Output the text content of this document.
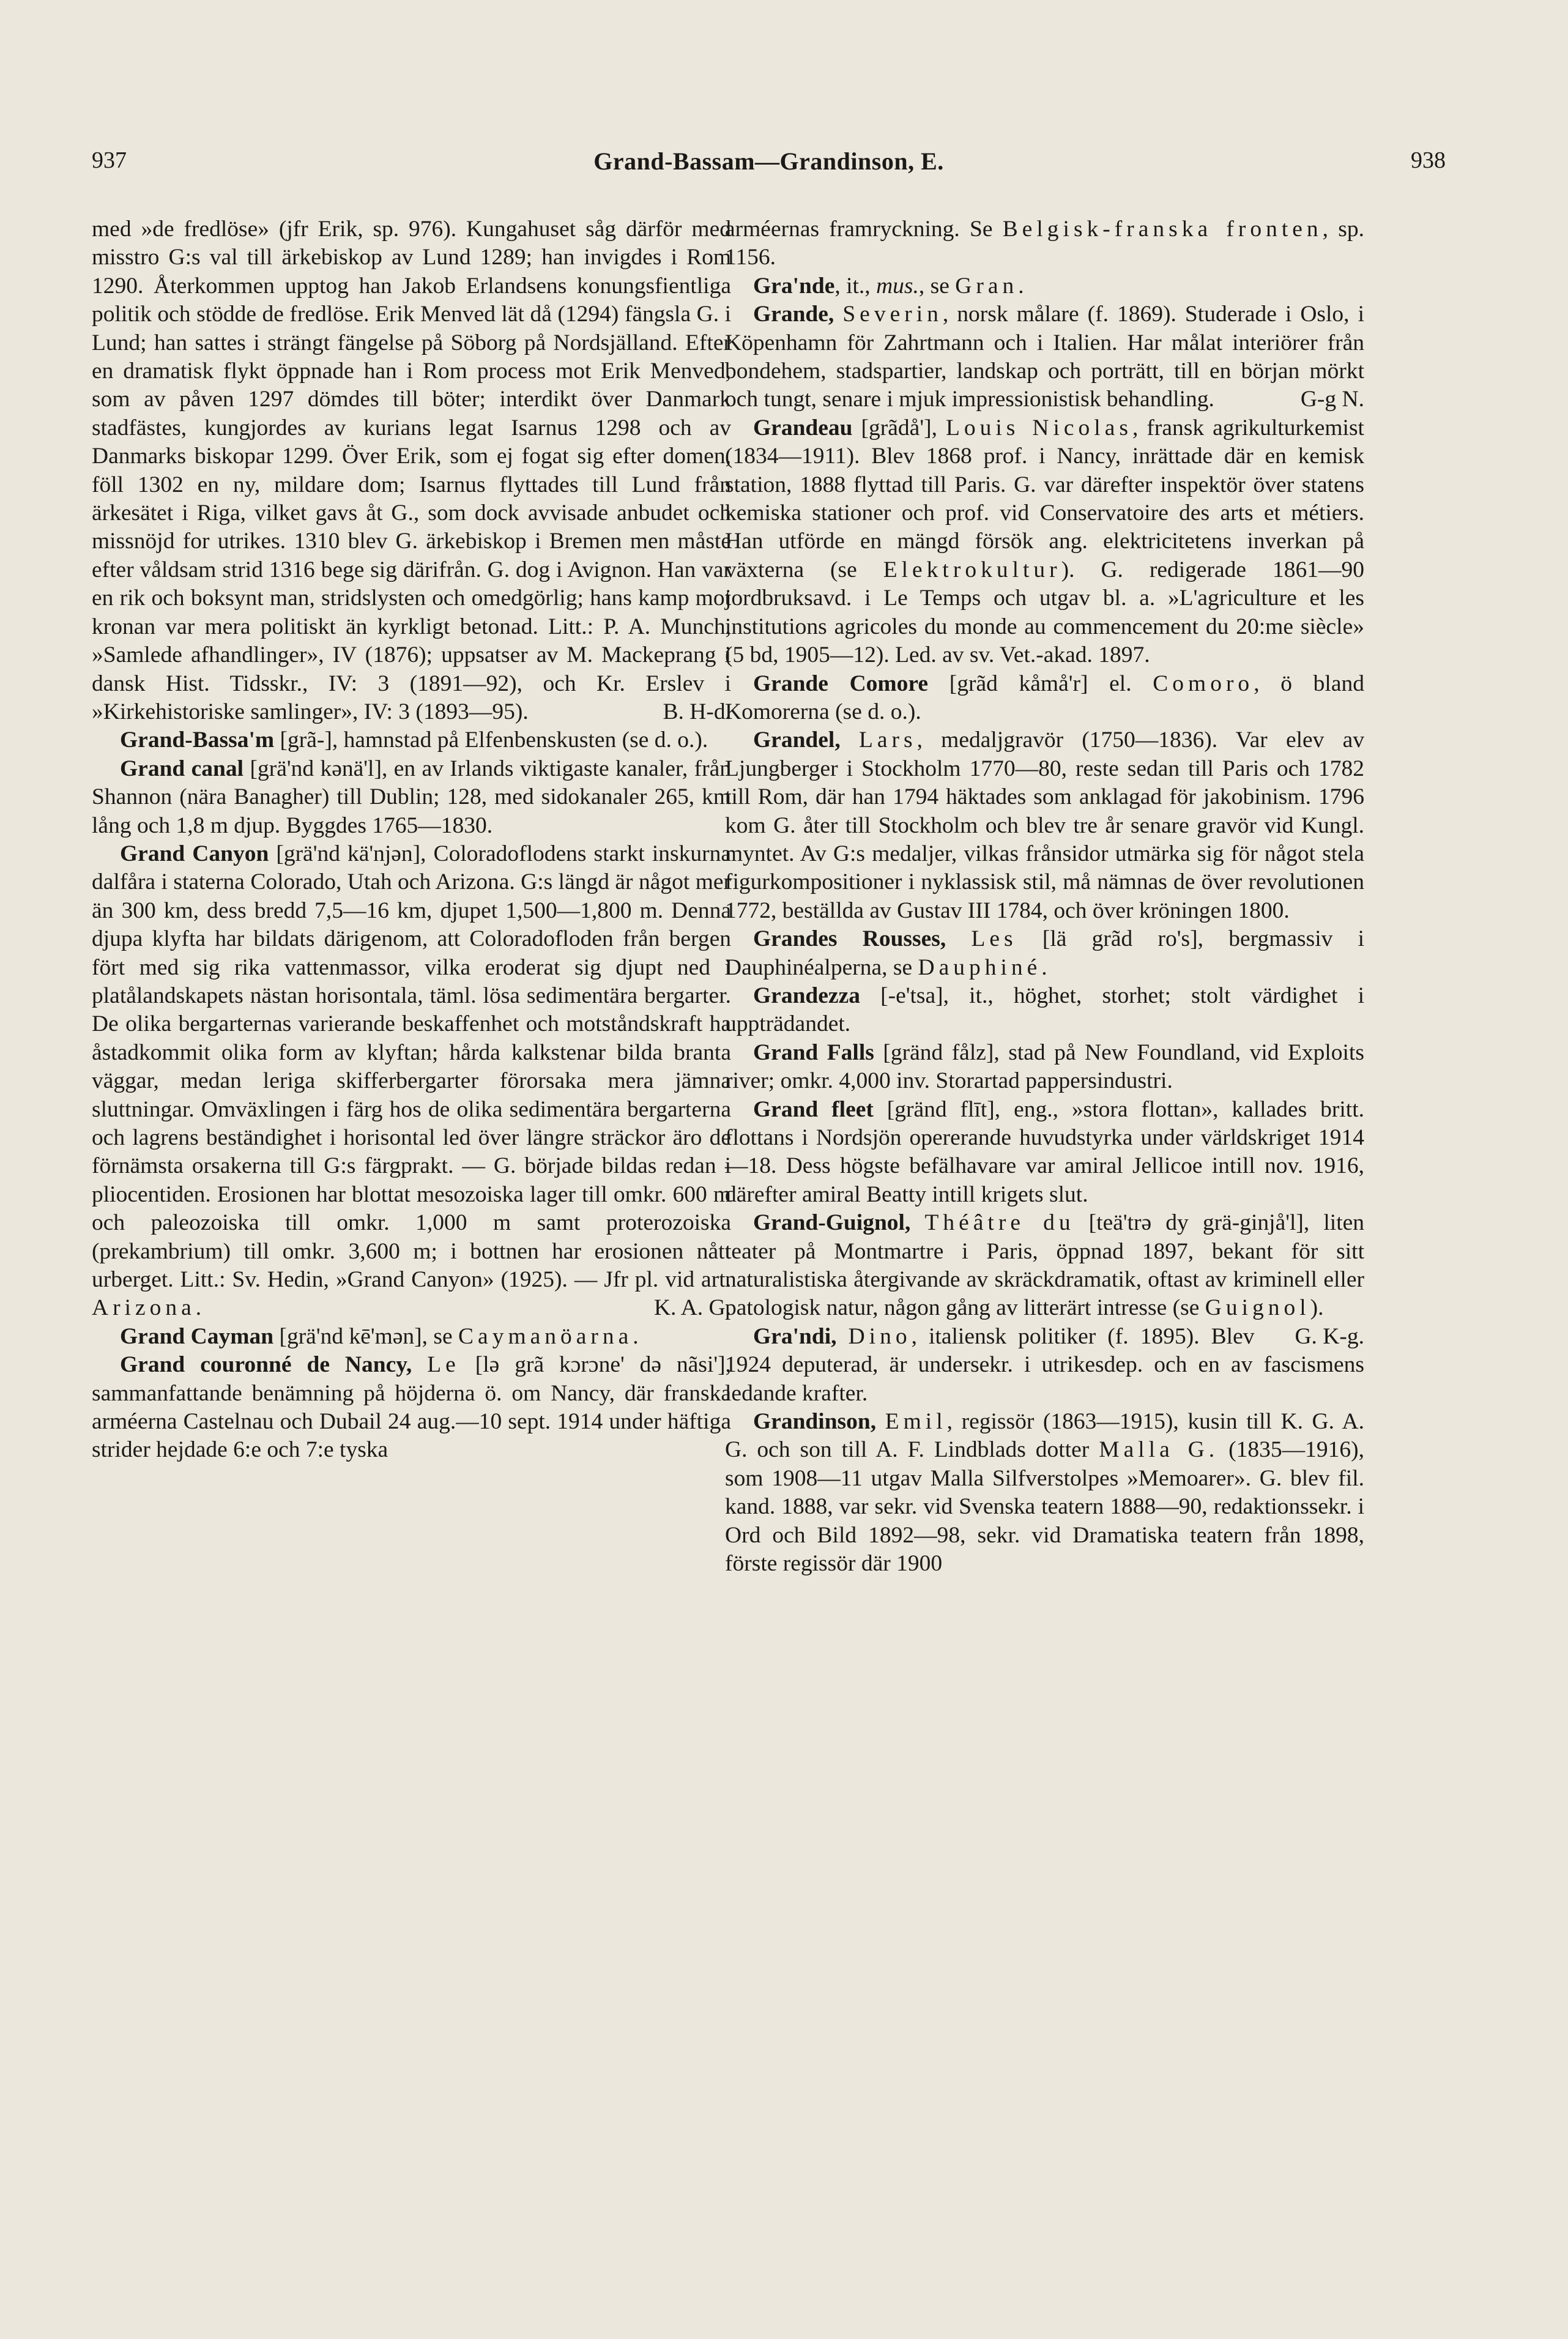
937	Grand-Bassam—Grandinson, E.	938

med »de fredlöse» (jfr Erik, sp. 976). Kungahuset såg därför med misstro G:s val till ärkebiskop av Lund 1289; han invigdes i Rom 1290. Återkommen upptog han Jakob Erlandsens konungsfientliga politik och stödde de fredlöse. Erik Menved lät då (1294) fängsla G. i Lund; han sattes i strängt fängelse på Söborg på Nordsjälland. Efter en dramatisk flykt öppnade han i Rom process mot Erik Menved, som av påven 1297 dömdes till böter; interdikt över Danmark stadfästes, kungjordes av kurians legat Isarnus 1298 och av Danmarks biskopar 1299. Över Erik, som ej fogat sig efter domen, föll 1302 en ny, mildare dom; Isarnus flyttades till Lund från ärkesätet i Riga, vilket gavs åt G., som dock avvisade anbudet och missnöjd for utrikes. 1310 blev G. ärkebiskop i Bremen men måste efter våldsam strid 1316 bege sig därifrån. G. dog i Avignon. Han var en rik och boksynt man, stridslysten och omedgörlig; hans kamp mot kronan var mera politiskt än kyrkligt betonad. Litt.: P. A. Munch, »Samlede afhandlinger», IV (1876); uppsatser av M. Mackeprang i dansk Hist. Tidsskr., IV: 3 (1891—92), och Kr. Erslev i »Kirkehistoriske samlinger», IV: 3 (1893—95).	B. H-d.

Grand-Bassa'm [grã-], hamnstad på Elfenbenskusten (se d. o.).

Grand canal [grä'nd kənä'l], en av Irlands viktigaste kanaler, från Shannon (nära Banagher) till Dublin; 128, med sidokanaler 265, km lång och 1,8 m djup. Byggdes 1765—1830.

Grand Canyon [grä'nd kä'njən], Coloradoflodens starkt inskurna dalfåra i staterna Colorado, Utah och Arizona. G:s längd är något mer än 300 km, dess bredd 7,5—16 km, djupet 1,500—1,800 m. Denna djupa klyfta har bildats därigenom, att Coloradofloden från bergen fört med sig rika vattenmassor, vilka eroderat sig djupt ned i platålandskapets nästan horisontala, täml. lösa sedimentära bergarter. De olika bergarternas varierande beskaffenhet och motståndskraft ha åstadkommit olika form av klyftan; hårda kalkstenar bilda branta väggar, medan leriga skifferbergarter förorsaka mera jämna sluttningar. Omväxlingen i färg hos de olika sedimentära bergarterna och lagrens beständighet i horisontal led över längre sträckor äro de förnämsta orsakerna till G:s färgprakt. — G. började bildas redan i pliocentiden. Erosionen har blottat mesozoiska lager till omkr. 600 m och paleozoiska till omkr. 1,000 m samt proterozoiska (prekambrium) till omkr. 3,600 m; i bottnen har erosionen nått urberget. Litt.: Sv. Hedin, »Grand Canyon» (1925). — Jfr pl. vid art. Arizona.	K. A. G.

Grand Cayman [grä'nd kē'mən], se Caymanöarna.

Grand couronné de Nancy, Le [lə grã kɔrɔne' də nãsi'], sammanfattande benämning på höjderna ö. om Nancy, där franska arméerna Castelnau och Dubail 24 aug.—10 sept. 1914 under häftiga strider hejdade 6:e och 7:e tyska

arméernas framryckning. Se Belgisk-franska fronten, sp. 1156.

Gra'nde, it., mus., se Gran.

Grande, Severin, norsk målare (f. 1869). Studerade i Oslo, i Köpenhamn för Zahrtmann och i Italien. Har målat interiörer från bondehem, stadspartier, landskap och porträtt, till en början mörkt och tungt, senare i mjuk impressionistisk behandling.	G-g N.

Grandeau [grãdå'], Louis Nicolas, fransk agrikulturkemist (1834—1911). Blev 1868 prof. i Nancy, inrättade där en kemisk station, 1888 flyttad till Paris. G. var därefter inspektör över statens kemiska stationer och prof. vid Conservatoire des arts et métiers. Han utförde en mängd försök ang. elektricitetens inverkan på växterna (se Elektrokultur). G. redigerade 1861—90 jordbruksavd. i Le Temps och utgav bl. a. »L'agriculture et les institutions agricoles du monde au commencement du 20:me siècle» (5 bd, 1905—12). Led. av sv. Vet.-akad. 1897.

Grande Comore [grãd kåmå'r] el. Comoro, ö bland Komorerna (se d. o.).

Grandel, Lars, medaljgravör (1750—1836). Var elev av Ljungberger i Stockholm 1770—80, reste sedan till Paris och 1782 till Rom, där han 1794 häktades som anklagad för jakobinism. 1796 kom G. åter till Stockholm och blev tre år senare gravör vid Kungl. myntet. Av G:s medaljer, vilkas frånsidor utmärka sig för något stela figurkompositioner i nyklassisk stil, må nämnas de över revolutionen 1772, beställda av Gustav III 1784, och över kröningen 1800.

Grandes Rousses, Les [lä grãd ro's], bergmassiv i Dauphinéalperna, se Dauphiné.

Grandezza [-e'tsa], it., höghet, storhet; stolt värdighet i uppträdandet.

Grand Falls [gränd fålz], stad på New Foundland, vid Exploits river; omkr. 4,000 inv. Storartad pappersindustri.

Grand fleet [gränd flīt], eng., »stora flottan», kallades britt. flottans i Nordsjön opererande huvudstyrka under världskriget 1914—18. Dess högste befälhavare var amiral Jellicoe intill nov. 1916, därefter amiral Beatty intill krigets slut.

Grand-Guignol, Théâtre du [teä'trə dy grä-ginjå'l], liten teater på Montmartre i Paris, öppnad 1897, bekant för sitt naturalistiska återgivande av skräckdramatik, oftast av kriminell eller patologisk natur, någon gång av litterärt intresse (se Guignol).
G. K-g.

Gra'ndi, Dino, italiensk politiker (f. 1895). Blev 1924 deputerad, är undersekr. i utrikesdep. och en av fascismens ledande krafter.

Grandinson, Emil, regissör (1863—1915), kusin till K. G. A. G. och son till A. F. Lindblads dotter Malla G. (1835—1916), som 1908—11 utgav Malla Silfverstolpes »Memoarer». G. blev fil. kand. 1888, var sekr. vid Svenska teatern 1888—90, redaktionssekr. i Ord och Bild 1892—98, sekr. vid Dramatiska teatern från 1898, förste regissör där 1900
